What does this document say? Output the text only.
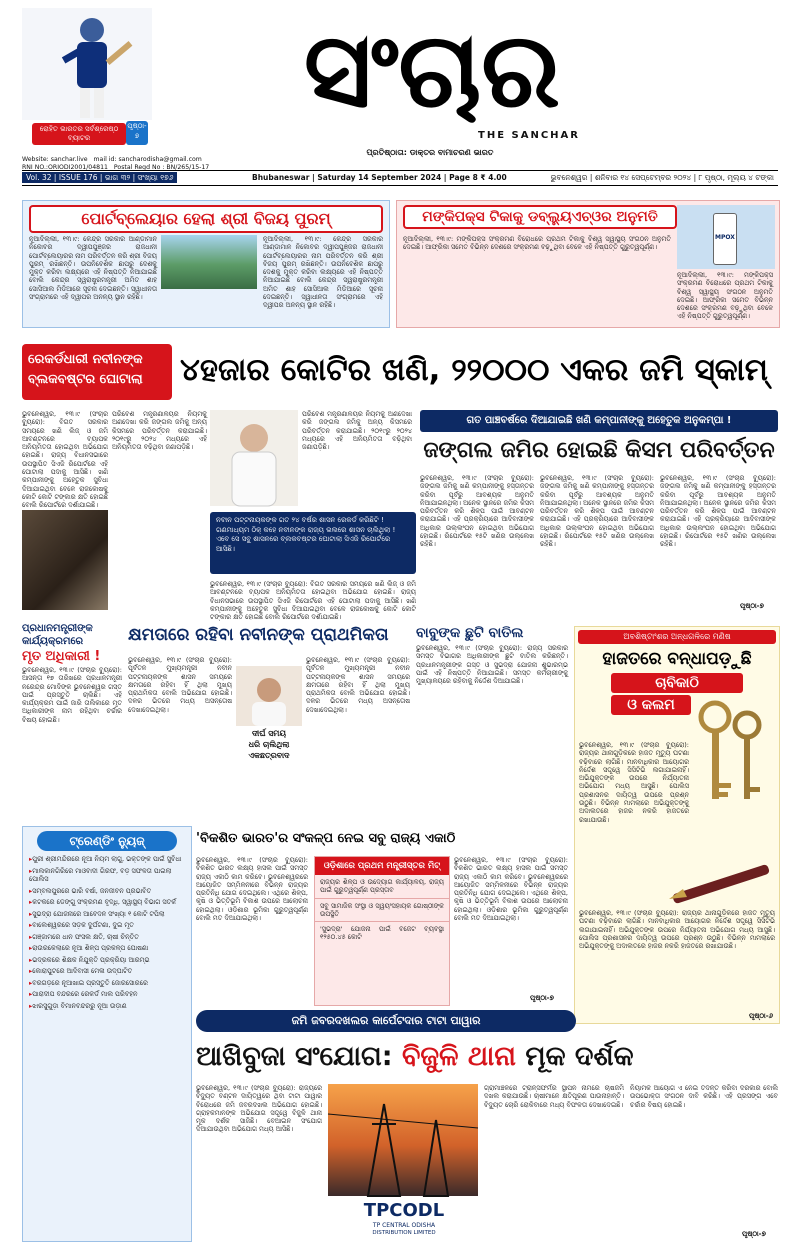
ରୋହିତ ଭାରତର ସର୍ବଶ୍ରେଷ୍ଠ ବ୍ୟାଟର
ପୃଷ୍ଠା-
୭
Website: sanchar.live mail id: sancharodisha@gmail.com
RNI NO.:ORIODI2001/04811 Postal Regd No : BN/265/15-17
ସଂଚାର
THE SANCHAR
ପ୍ରତିଷ୍ଠାତା: ଡାକ୍ତର ବାମାଚରଣ ଭାରତ
Vol. 32 | ISSUE 176 | ଭାଗ ୩୨ | ସଂଖ୍ୟା ୧୭୬	Bhubaneswar | Saturday 14 September 2024 | Page 8 ₹ 4.00	ଭୁବନେଶ୍ୱର | ଶନିବାର ୧୪ ସେପ୍ଟେମ୍ବର ୨୦୨୪ | ୮ ପୃଷ୍ଠା, ମୂଲ୍ୟ ୪ ଟଙ୍କା
ପୋର୍ଟବ୍ଲେୟାର ହେଲା ଶ୍ରୀ ବିଜୟ ପୁରମ୍
ନୂଆଦିଲ୍ଲୀ, ୧୩।୯: କେନ୍ଦ୍ର ସରକାର ଆଣ୍ଡାମାନ ନିକୋବର ଦ୍ୱୀପପୁଞ୍ଜର ରାଜଧାନୀ ପୋର୍ଟବ୍ଲେୟାରର ନାମ ପରିବର୍ତ୍ତନ କରି ଶ୍ରୀ ବିଜୟ ପୁରମ୍ ରଖିଛନ୍ତି। ଉପନିବେଶିକ ଛାପରୁ ଦେଶକୁ ମୁକ୍ତ କରିବା ଲକ୍ଷ୍ୟରେ ଏହି ନିଷ୍ପତ୍ତି ନିଆଯାଇଛି ବୋଲି କେନ୍ଦ୍ର ସ୍ୱରାଷ୍ଟ୍ରମନ୍ତ୍ରୀ ଅମିତ ଶାହ ସୋସିଆଲ ମିଡିଆରେ ସୂଚନା ଦେଇଛନ୍ତି। ସ୍ୱାଧୀନତା ସଂଗ୍ରାମରେ ଏହି ଦ୍ୱୀପର ଅନନ୍ୟ ସ୍ଥାନ ରହିଛି।
ନୂଆଦିଲ୍ଲୀ, ୧୩।୯: କେନ୍ଦ୍ର ସରକାର ଆଣ୍ଡାମାନ ନିକୋବର ଦ୍ୱୀପପୁଞ୍ଜର ରାଜଧାନୀ ପୋର୍ଟବ୍ଲେୟାରର ନାମ ପରିବର୍ତ୍ତନ କରି ଶ୍ରୀ ବିଜୟ ପୁରମ୍ ରଖିଛନ୍ତି। ଉପନିବେଶିକ ଛାପରୁ ଦେଶକୁ ମୁକ୍ତ କରିବା ଲକ୍ଷ୍ୟରେ ଏହି ନିଷ୍ପତ୍ତି ନିଆଯାଇଛି ବୋଲି କେନ୍ଦ୍ର ସ୍ୱରାଷ୍ଟ୍ରମନ୍ତ୍ରୀ ଅମିତ ଶାହ ସୋସିଆଲ ମିଡିଆରେ ସୂଚନା ଦେଇଛନ୍ତି। ସ୍ୱାଧୀନତା ସଂଗ୍ରାମରେ ଏହି ଦ୍ୱୀପର ଅନନ୍ୟ ସ୍ଥାନ ରହିଛି।
ମଙ୍କିପକ୍ସ ଟିକାକୁ ଡବ୍ଲ୍ୟୁଏଚ୍‌ଓର ଅନୁମତି
ନୂଆଦିଲ୍ଲୀ, ୧୩।୯: ମଙ୍କିପକ୍ସ ସଂକ୍ରମଣ ବିରୋଧରେ ପ୍ରଥମ ଟିକାକୁ ବିଶ୍ୱ ସ୍ୱାସ୍ଥ୍ୟ ସଂଗଠନ ଅନୁମତି ଦେଇଛି। ଆଫ୍ରିକା ସମେତ ବିଭିନ୍ନ ଦେଶରେ ସଂକ୍ରମଣ ବଢ଼ୁଥିବା ବେଳେ ଏହି ନିଷ୍ପତ୍ତି ଗୁରୁତ୍ୱପୂର୍ଣ୍ଣ।
MPOX
ନୂଆଦିଲ୍ଲୀ, ୧୩।୯: ମଙ୍କିପକ୍ସ ସଂକ୍ରମଣ ବିରୋଧରେ ପ୍ରଥମ ଟିକାକୁ ବିଶ୍ୱ ସ୍ୱାସ୍ଥ୍ୟ ସଂଗଠନ ଅନୁମତି ଦେଇଛି। ଆଫ୍ରିକା ସମେତ ବିଭିନ୍ନ ଦେଶରେ ସଂକ୍ରମଣ ବଢ଼ୁଥିବା ବେଳେ ଏହି ନିଷ୍ପତ୍ତି ଗୁରୁତ୍ୱପୂର୍ଣ୍ଣ।
ରେକର୍ଡଧାରୀ ନବୀନଙ୍କ
ବ୍ଲକବଷ୍ଟର ଘୋଟାଲା	୪ହଜାର କୋଟିର ଖଣି, ୨୨୦୦୦ ଏକର ଜମି ସ୍କାମ୍
ଭୁବନେଶ୍ୱର, ୧୩।୯ (ସଂଚାର ବ୍ୟୁରୋ): ବିଗତ ସରକାର ସମୟରେ ଖଣି ଲିଜ୍ ଓ ଜମି ଆବଣ୍ଟନରେ ବ୍ୟାପକ ଅନିୟମିତତା ହୋଇଥିବା ଅଭିଯୋଗ ହୋଇଛି। ରାଜ୍ୟ ବିଧାନସଭାରେ ଉପସ୍ଥାପିତ ସିଏଜି ରିପୋର୍ଟରେ ଏହି ଘୋଟାଲା ପଦାକୁ ଆସିଛି। ଖଣି କମ୍ପାନୀଙ୍କୁ ଅହେତୁକ ସୁବିଧା ଦିଆଯାଇଥିବା ବେଳେ ରାଜକୋଷକୁ କୋଟି କୋଟି ଟଙ୍କାର କ୍ଷତି ହୋଇଛି ବୋଲି ରିପୋର୍ଟରେ ଦର୍ଶାଯାଇଛି।
ପରିବେଶ ମନ୍ତ୍ରଣାଳୟର ନିୟମକୁ ଅଣଦେଖା କରି ଜଙ୍ଗଲ ଜମିକୁ ଅନ୍ୟ କିସମରେ ପରିବର୍ତ୍ତନ କରାଯାଇଛି। ୨୦୧୯ରୁ ୨୦୨୪ ମଧ୍ୟରେ ଏହି ଅନିୟମିତତା ବଢ଼ିଥିବା ଜଣାପଡ଼ିଛି।
ପରିବେଶ ମନ୍ତ୍ରଣାଳୟର ନିୟମକୁ ଅଣଦେଖା କରି ଜଙ୍ଗଲ ଜମିକୁ ଅନ୍ୟ କିସମରେ ପରିବର୍ତ୍ତନ କରାଯାଇଛି। ୨୦୧୯ରୁ ୨୦୨୪ ମଧ୍ୟରେ ଏହି ଅନିୟମିତତା ବଢ଼ିଥିବା ଜଣାପଡ଼ିଛି।
ନବୀନ ପଟ୍ଟନାୟକଙ୍କ ଗତ ୨୪ ବର୍ଷର ଶାସନ ରେକର୍ଡ କରିଛିଟି ! ଗଣମାଧ୍ୟମ ଠିକ୍ କହେ ନବୀନଙ୍କ ରାଜ୍ୟ ଭଲରେ ଶାସନ ଚାଲିଥିଲା ! ଏବେ ସେ ସବୁ ଶାସନରେ ବ୍ଲକବଷ୍ଟର ଘୋଟାଲା ସିଏଜି ରିପୋର୍ଟରେ ଆସିଛି।
ଭୁବନେଶ୍ୱର, ୧୩।୯ (ସଂଚାର ବ୍ୟୁରୋ): ବିଗତ ସରକାର ସମୟରେ ଖଣି ଲିଜ୍ ଓ ଜମି ଆବଣ୍ଟନରେ ବ୍ୟାପକ ଅନିୟମିତତା ହୋଇଥିବା ଅଭିଯୋଗ ହୋଇଛି। ରାଜ୍ୟ ବିଧାନସଭାରେ ଉପସ୍ଥାପିତ ସିଏଜି ରିପୋର୍ଟରେ ଏହି ଘୋଟାଲା ପଦାକୁ ଆସିଛି। ଖଣି କମ୍ପାନୀଙ୍କୁ ଅହେତୁକ ସୁବିଧା ଦିଆଯାଇଥିବା ବେଳେ ରାଜକୋଷକୁ କୋଟି କୋଟି ଟଙ୍କାର କ୍ଷତି ହୋଇଛି ବୋଲି ରିପୋର୍ଟରେ ଦର୍ଶାଯାଇଛି।
ଗତ ପାଞ୍ଚବର୍ଷରେ ଦିଆଯାଇଛି ଖଣି କମ୍ପାନୀଙ୍କୁ ଅହେତୁକ ଅନୁକମ୍ପା !
ଜଙ୍ଗଲ ଜମିର ହୋଇଛି କିସମ ପରିବର୍ତ୍ତନ
ଭୁବନେଶ୍ୱର, ୧୩।୯ (ସଂଚାର ବ୍ୟୁରୋ): ଜଙ୍ଗଲ ଜମିକୁ ଖଣି କମ୍ପାନୀଙ୍କୁ ହସ୍ତାନ୍ତର କରିବା ପୂର୍ବରୁ ଆବଶ୍ୟକ ଅନୁମତି ନିଆଯାଇନଥିଲା। ଅନେକ ସ୍ଥାନରେ ଜମିର କିସମ ପରିବର୍ତ୍ତନ କରି ଶିଳ୍ପ ପାଇଁ ଆବଣ୍ଟନ କରାଯାଇଛି। ଏହି ପ୍ରକ୍ରିୟାରେ ଆଦିବାସୀଙ୍କ ଅଧିକାର ଉଲ୍ଲଂଘନ ହୋଇଥିବା ଅଭିଯୋଗ ହୋଇଛି। ରିପୋର୍ଟରେ ୧୫ଟି ଖଣିର ଉଲ୍ଲେଖ ରହିଛି।
ଭୁବନେଶ୍ୱର, ୧୩।୯ (ସଂଚାର ବ୍ୟୁରୋ): ଜଙ୍ଗଲ ଜମିକୁ ଖଣି କମ୍ପାନୀଙ୍କୁ ହସ୍ତାନ୍ତର କରିବା ପୂର୍ବରୁ ଆବଶ୍ୟକ ଅନୁମତି ନିଆଯାଇନଥିଲା। ଅନେକ ସ୍ଥାନରେ ଜମିର କିସମ ପରିବର୍ତ୍ତନ କରି ଶିଳ୍ପ ପାଇଁ ଆବଣ୍ଟନ କରାଯାଇଛି। ଏହି ପ୍ରକ୍ରିୟାରେ ଆଦିବାସୀଙ୍କ ଅଧିକାର ଉଲ୍ଲଂଘନ ହୋଇଥିବା ଅଭିଯୋଗ ହୋଇଛି। ରିପୋର୍ଟରେ ୧୫ଟି ଖଣିର ଉଲ୍ଲେଖ ରହିଛି।
ଭୁବନେଶ୍ୱର, ୧୩।୯ (ସଂଚାର ବ୍ୟୁରୋ): ଜଙ୍ଗଲ ଜମିକୁ ଖଣି କମ୍ପାନୀଙ୍କୁ ହସ୍ତାନ୍ତର କରିବା ପୂର୍ବରୁ ଆବଶ୍ୟକ ଅନୁମତି ନିଆଯାଇନଥିଲା। ଅନେକ ସ୍ଥାନରେ ଜମିର କିସମ ପରିବର୍ତ୍ତନ କରି ଶିଳ୍ପ ପାଇଁ ଆବଣ୍ଟନ କରାଯାଇଛି। ଏହି ପ୍ରକ୍ରିୟାରେ ଆଦିବାସୀଙ୍କ ଅଧିକାର ଉଲ୍ଲଂଘନ ହୋଇଥିବା ଅଭିଯୋଗ ହୋଇଛି। ରିପୋର୍ଟରେ ୧୫ଟି ଖଣିର ଉଲ୍ଲେଖ ରହିଛି।
ପୃଷ୍ଠା-୭
ପ୍ରଧାନମନ୍ତ୍ରୀଙ୍କ କାର୍ଯ୍ୟକ୍ରମରେ
ମୃତ ଅଧିକାରୀ !
ଭୁବନେଶ୍ୱର, ୧୩।୯ (ସଂଚାର ବ୍ୟୁରୋ): ଆସନ୍ତା ୧୭ ତାରିଖରେ ପ୍ରଧାନମନ୍ତ୍ରୀ ନରେନ୍ଦ୍ର ମୋଦିଙ୍କ ଭୁବନେଶ୍ୱର ଗସ୍ତ ପାଇଁ ପ୍ରସ୍ତୁତି ଚାଲିଛି। ଏହି କାର୍ଯ୍ୟକ୍ରମ ପାଇଁ ଜାରି ତାଲିକାରେ ମୃତ ଅଧିକାରୀଙ୍କ ନାମ ରହିଥିବା ଚର୍ଚ୍ଚାର ବିଷୟ ହୋଇଛି।
କ୍ଷମତାରେ ରହିବା ନବୀନଙ୍କ ପ୍ରାଥମିକତା
ଭୁବନେଶ୍ୱର, ୧୩।୯ (ସଂଚାର ବ୍ୟୁରୋ): ପୂର୍ବତନ ମୁଖ୍ୟମନ୍ତ୍ରୀ ନବୀନ ପଟ୍ଟନାୟକଙ୍କ ଶାସନ ସମୟରେ କ୍ଷମତାରେ ରହିବା ହିଁ ଥିଲା ମୁଖ୍ୟ ପ୍ରାଥମିକତା ବୋଲି ଅଭିଯୋଗ ହୋଇଛି। ଦଳର ଭିତରେ ମଧ୍ୟ ଅସନ୍ତୋଷ ଦେଖାଦେଇଥିଲା।
ଦୀର୍ଘ ସମୟ
ଧରି ଚାଲିଥିଲା
ଏକଛତ୍ରବାଦ
ଭୁବନେଶ୍ୱର, ୧୩।୯ (ସଂଚାର ବ୍ୟୁରୋ): ପୂର୍ବତନ ମୁଖ୍ୟମନ୍ତ୍ରୀ ନବୀନ ପଟ୍ଟନାୟକଙ୍କ ଶାସନ ସମୟରେ କ୍ଷମତାରେ ରହିବା ହିଁ ଥିଲା ମୁଖ୍ୟ ପ୍ରାଥମିକତା ବୋଲି ଅଭିଯୋଗ ହୋଇଛି। ଦଳର ଭିତରେ ମଧ୍ୟ ଅସନ୍ତୋଷ ଦେଖାଦେଇଥିଲା।
ବାବୁଙ୍କ ଛୁଟି ବାତିଲ
ଭୁବନେଶ୍ୱର, ୧୩।୯ (ସଂଚାର ବ୍ୟୁରୋ): ରାଜ୍ୟ ସରକାର ସମସ୍ତ ବିଭାଗର ଅଧିକାରୀଙ୍କ ଛୁଟି ବାତିଲ କରିଛନ୍ତି। ପ୍ରଧାନମନ୍ତ୍ରୀଙ୍କ ଗସ୍ତ ଓ ସୁଭଦ୍ରା ଯୋଜନା ଶୁଭାରମ୍ଭ ପାଇଁ ଏହି ନିଷ୍ପତ୍ତି ନିଆଯାଇଛି। ସମସ୍ତ କର୍ମଚାରୀଙ୍କୁ ମୁଖ୍ୟାଳୟରେ ରହିବାକୁ ନିର୍ଦ୍ଦେଶ ଦିଆଯାଇଛି।
ଅବଶିଷ୍ଟାଂଶର ଅନ୍ଧଗଳିରେ ମଣିଷ
ହାଜତରେ ବନ୍ଧାପଡ଼ୁଛି
ଚାବିକାଠି
ଓ କଲମ
ଭୁବନେଶ୍ୱର, ୧୩।୯ (ସଂଚାର ବ୍ୟୁରୋ): ରାଜ୍ୟର ଥାନାଗୁଡ଼ିକରେ ହାଜତ ମୃତ୍ୟୁ ଘଟଣା ବଢ଼ିବାରେ ଲାଗିଛି। ମାନବାଧିକାର ଆୟୋଗର ନିର୍ଦ୍ଦେଶ ସତ୍ତ୍ୱେ ସିସିଟିଭି ଲଗାଯାଇନାହିଁ। ଅଭିଯୁକ୍ତଙ୍କ ଉପରେ ନିର୍ଯ୍ୟାତନା ଅଭିଯୋଗ ମଧ୍ୟ ଆସୁଛି। ପୋଲିସ ପ୍ରଶାସନର ଦାୟିତ୍ୱ ଉପରେ ପ୍ରଶ୍ନ ଉଠୁଛି। ବିଭିନ୍ନ ମାମଲାରେ ଅଭିଯୁକ୍ତଙ୍କୁ ଅଦାଲତରେ ହାଜର ନକରି ହାଜତରେ ରଖାଯାଉଛି।
ଭୁବନେଶ୍ୱର, ୧୩।୯ (ସଂଚାର ବ୍ୟୁରୋ): ରାଜ୍ୟର ଥାନାଗୁଡ଼ିକରେ ହାଜତ ମୃତ୍ୟୁ ଘଟଣା ବଢ଼ିବାରେ ଲାଗିଛି। ମାନବାଧିକାର ଆୟୋଗର ନିର୍ଦ୍ଦେଶ ସତ୍ତ୍ୱେ ସିସିଟିଭି ଲଗାଯାଇନାହିଁ। ଅଭିଯୁକ୍ତଙ୍କ ଉପରେ ନିର୍ଯ୍ୟାତନା ଅଭିଯୋଗ ମଧ୍ୟ ଆସୁଛି। ପୋଲିସ ପ୍ରଶାସନର ଦାୟିତ୍ୱ ଉପରେ ପ୍ରଶ୍ନ ଉଠୁଛି। ବିଭିନ୍ନ ମାମଲାରେ ଅଭିଯୁକ୍ତଙ୍କୁ ଅଦାଲତରେ ହାଜର ନକରି ହାଜତରେ ରଖାଯାଉଛି।
ପୃଷ୍ଠା-୬
ଟ୍ରେଣ୍ଡିଂ ନ୍ୟୁଜ୍
▸ ପୁରୀ ଶ୍ରୀମନ୍ଦିରରେ ନୂଆ ନିୟମ ଲାଗୁ, ଭକ୍ତଙ୍କ ପାଇଁ ସୁବିଧା
▸ ମାଲକାନଗିରିରେ ମାଓବାଦୀ ଗିରଫ, ବଡ଼ ସଫଳତା ପାଇଲା ପୋଲିସ
▸ ସମ୍ବଲପୁରରେ ଭାରି ବର୍ଷା, ଜନଜୀବନ ପ୍ରଭାବିତ
▸ କଟକରେ ଡେଙ୍ଗୁ ସଂକ୍ରମଣ ବୃଦ୍ଧି, ସ୍ୱାସ୍ଥ୍ୟ ବିଭାଗ ସତର୍କ
▸ ସୁଭଦ୍ରା ଯୋଜନାରେ ଆବେଦନ ସଂଖ୍ୟା ୧ କୋଟି ଟପିଲା
▸ ବାଲେଶ୍ୱରରେ ସଡ଼କ ଦୁର୍ଘଟଣା, ଦୁଇ ମୃତ
▸ ଗଞ୍ଜାମରେ ଧାନ ଫସଲ କ୍ଷତି, ଚାଷୀ ଚିନ୍ତିତ
▸ ରାଉରକେଲାରେ ନୂଆ ଶିଳ୍ପ ପ୍ରକଳ୍ପ ଘୋଷଣା
▸ ଭଦ୍ରକରେ ଶିକ୍ଷକ ନିଯୁକ୍ତି ପ୍ରକ୍ରିୟା ଆରମ୍ଭ
▸ କୋରାପୁଟରେ ଆଦିବାସୀ ମେଳା ଉଦ୍‌ଘାଟିତ
▸ ବରଗଡ଼ରେ ନୂଆଖାଇ ପ୍ରସ୍ତୁତି ଜୋରସୋରରେ
▸ ପାରାଦୀପ ବନ୍ଦରରେ ରେକର୍ଡ ମାଲ ପରିବହନ
▸ ଝାରସୁଗୁଡ଼ା ବିମାନବନ୍ଦରରୁ ନୂଆ ଉଡ଼ାଣ
'ବିକଶିତ ଭାରତ'ର ସଂକଳ୍ପ ନେଇ ସବୁ ରାଜ୍ୟ ଏକାଠି
ଭୁବନେଶ୍ୱର, ୧୩।୯ (ସଂଚାର ବ୍ୟୁରୋ): ବିକଶିତ ଭାରତ ଲକ୍ଷ୍ୟ ହାସଲ ପାଇଁ ସମସ୍ତ ରାଜ୍ୟ ଏକାଠି କାମ କରିବେ। ଭୁବନେଶ୍ୱରରେ ଆୟୋଜିତ ସମ୍ମିଳନୀରେ ବିଭିନ୍ନ ରାଜ୍ୟର ପ୍ରତିନିଧି ଯୋଗ ଦେଇଥିଲେ। ଏଥିରେ ଶିଳ୍ପ, କୃଷି ଓ ଭିତ୍ତିଭୂମି ବିକାଶ ଉପରେ ଆଲୋଚନା ହୋଇଥିଲା। ଓଡ଼ିଶାର ଭୂମିକା ଗୁରୁତ୍ୱପୂର୍ଣ୍ଣ ବୋଲି ମତ ଦିଆଯାଇଥିଲା।
ଓଡ଼ିଶାରେ ପ୍ରଥମ ମନ୍ତ୍ରୀସ୍ତର ମିଟ୍
ରାଜ୍ୟର ଶିଳ୍ପ ଓ ଉଦ୍ୟୋଗ କାର୍ଯ୍ୟାଳୟ, ରାଜ୍ୟ ପାଇଁ ଗୁରୁତ୍ୱପୂର୍ଣ୍ଣ ପ୍ରସ୍ତାବ
ସବୁ ସାମାଜିକ ସଂସ୍ଥା ଓ ସ୍ୱୟଂସହାୟକ ଗୋଷ୍ଠୀଙ୍କ ଉପସ୍ଥିତି
'ସୁଭଦ୍ରା' ଯୋଜନା ପାଇଁ ବଜେଟ ବ୍ୟବସ୍ଥା ୧୨୫୦.୪୫ କୋଟି
ଭୁବନେଶ୍ୱର, ୧୩।୯ (ସଂଚାର ବ୍ୟୁରୋ): ବିକଶିତ ଭାରତ ଲକ୍ଷ୍ୟ ହାସଲ ପାଇଁ ସମସ୍ତ ରାଜ୍ୟ ଏକାଠି କାମ କରିବେ। ଭୁବନେଶ୍ୱରରେ ଆୟୋଜିତ ସମ୍ମିଳନୀରେ ବିଭିନ୍ନ ରାଜ୍ୟର ପ୍ରତିନିଧି ଯୋଗ ଦେଇଥିଲେ। ଏଥିରେ ଶିଳ୍ପ, କୃଷି ଓ ଭିତ୍ତିଭୂମି ବିକାଶ ଉପରେ ଆଲୋଚନା ହୋଇଥିଲା। ଓଡ଼ିଶାର ଭୂମିକା ଗୁରୁତ୍ୱପୂର୍ଣ୍ଣ ବୋଲି ମତ ଦିଆଯାଇଥିଲା।
ପୃଷ୍ଠା-୭
ଜମି ଜବରଦଖଲର କାର୍ପେଟଦାର ଟାଟା ପାୱାର
ଆଖିବୁଜା ସଂଯୋଗ: ବିଜୁଳି ଥାନା ମୂକ ଦର୍ଶକ
ଭୁବନେଶ୍ୱର, ୧୩।୯ (ସଂଚାର ବ୍ୟୁରୋ): ରାଜ୍ୟରେ ବିଦ୍ୟୁତ ବଣ୍ଟନ ଦାୟିତ୍ୱରେ ଥିବା ଟାଟା ପାୱାର ବିରୋଧରେ ଜମି ଜବରଦଖଲ ଅଭିଯୋଗ ହୋଇଛି। ଗ୍ରାହକମାନଙ୍କ ଅଭିଯୋଗ ସତ୍ତ୍ୱେ ବିଜୁଳି ଥାନା ମୂକ ଦର୍ଶକ ସାଜିଛି। ବେଆଇନ ସଂଯୋଗ ଦିଆଯାଉଥିବା ଅଭିଯୋଗ ମଧ୍ୟ ଆସିଛି।
TPCODL
TP CENTRAL ODISHA
DISTRIBUTION LIMITED
ଗ୍ରାମାଞ୍ଚଳରେ ଟ୍ରାନ୍ସଫର୍ମର ସ୍ଥାପନ ନାମରେ ଚାଷଜମି ଦଖଲ କରାଯାଉଛି। ଚାଷୀମାନେ କ୍ଷତିପୂରଣ ପାଉନାହାନ୍ତି। ବିଦ୍ୟୁତ ଚୋରି ରୋକିବାରେ ମଧ୍ୟ ବିଫଳତା ଦେଖାଦେଇଛି।
ନିୟାମକ ଆୟୋଗ ଏ ନେଇ ତଦନ୍ତ କରିବା ଦରକାର ବୋଲି ଉପଭୋକ୍ତା ସଂଗଠନ ଦାବି କରିଛି। ଏହି ପ୍ରସଙ୍ଗ ଏବେ ଚର୍ଚ୍ଚାର ବିଷୟ ହୋଇଛି।
ପୃଷ୍ଠା-୭
